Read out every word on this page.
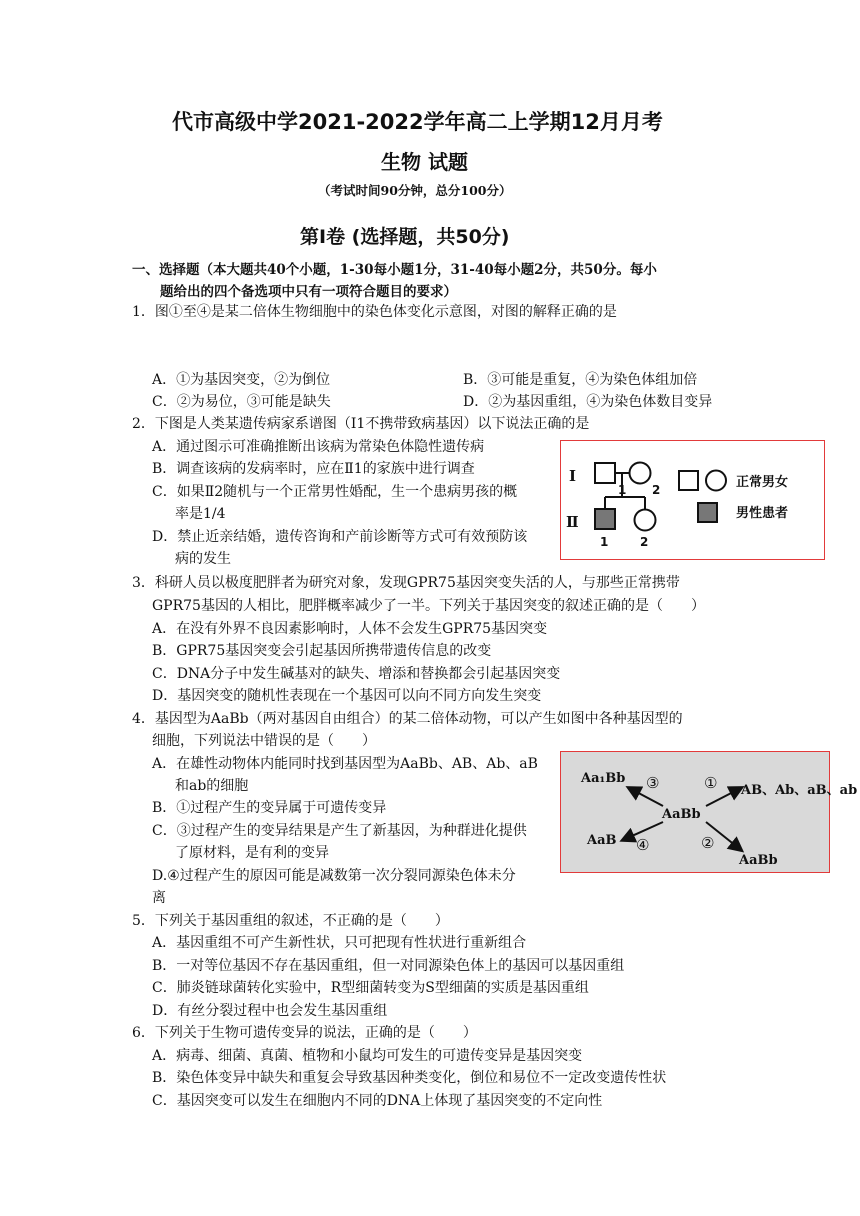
代市高级中学2021-2022学年高二上学期12月月考
生物 试题
（考试时间90分钟，总分100分）
第Ⅰ卷 (选择题，共50分)
一、选择题（本大题共40个小题，1-30每小题1分，31-40每小题2分，共50分。每小
题给出的四个备选项中只有一项符合题目的要求）
1．图①至④是某二倍体生物细胞中的染色体变化示意图，对图的解释正确的是
A．①为基因突变，②为倒位	B．③可能是重复，④为染色体组加倍
C．②为易位，③可能是缺失	D．②为基因重组，④为染色体数目变异
2．下图是人类某遗传病家系谱图（Ⅰ1不携带致病基因）以下说法正确的是
A．通过图示可准确推断出该病为常染色体隐性遗传病
B．调查该病的发病率时，应在Ⅱ1的家族中进行调查
C．如果Ⅱ2随机与一个正常男性婚配，生一个患病男孩的概
率是1/4
D．禁止近亲结婚，遗传咨询和产前诊断等方式可有效预防该
病的发生
Ⅰ
Ⅱ
1 2
1	2
正常男女
男性患者
3．科研人员以极度肥胖者为研究对象，发现GPR75基因突变失活的人，与那些正常携带
GPR75基因的人相比，肥胖概率减少了一半。下列关于基因突变的叙述正确的是（　　）
A．在没有外界不良因素影响时，人体不会发生GPR75基因突变
B．GPR75基因突变会引起基因所携带遗传信息的改变
C．DNA分子中发生碱基对的缺失、增添和替换都会引起基因突变
D．基因突变的随机性表现在一个基因可以向不同方向发生突变
4．基因型为AaBb（两对基因自由组合）的某二倍体动物，可以产生如图中各种基因型的
细胞，下列说法中错误的是（　　）
A．在雄性动物体内能同时找到基因型为AaBb、AB、Ab、aB
和ab的细胞
B．①过程产生的变异属于可遗传变异
C．③过程产生的变异结果是产生了新基因，为种群进化提供
了原材料，是有利的变异
D.④过程产生的原因可能是减数第一次分裂同源染色体未分
离
Aa₁Bb ③	① AB、Ab、aB、ab
AaBb
AaB ④	②
AaBb
5．下列关于基因重组的叙述，不正确的是（　　）
A．基因重组不可产生新性状，只可把现有性状进行重新组合
B．一对等位基因不存在基因重组，但一对同源染色体上的基因可以基因重组
C．肺炎链球菌转化实验中，R型细菌转变为S型细菌的实质是基因重组
D．有丝分裂过程中也会发生基因重组
6．下列关于生物可遗传变异的说法，正确的是（　　）
A．病毒、细菌、真菌、植物和小鼠均可发生的可遗传变异是基因突变
B．染色体变异中缺失和重复会导致基因种类变化，倒位和易位不一定改变遗传性状
C．基因突变可以发生在细胞内不同的DNA上体现了基因突变的不定向性
